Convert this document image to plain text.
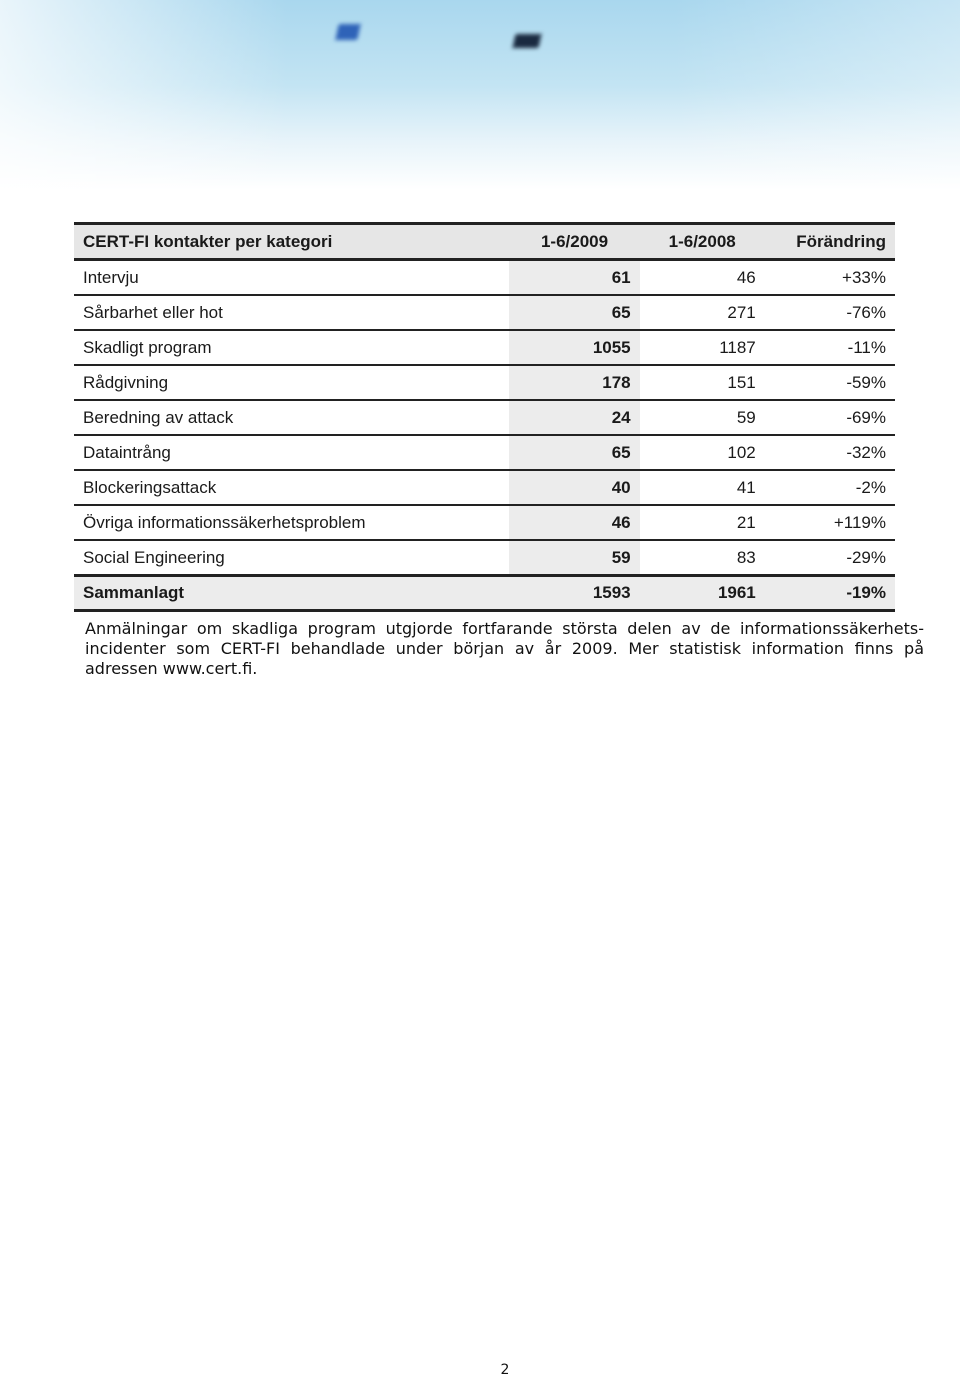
CERT-FI kontakter per kategori	1-6/2009	1-6/2008	Förändring
Intervju	61	46	+33%
Sårbarhet eller hot	65	271	-76%
Skadligt program	1055	1187	-11%
Rådgivning	178	151	-59%
Beredning av attack	24	59	-69%
Dataintrång	65	102	-32%
Blockeringsattack	40	41	-2%
Övriga informationssäkerhetsproblem	46	21	+119%
Social Engineering	59	83	-29%
Sammanlagt	1593	1961	-19%

Anmälningar om skadliga program utgjorde fortfarande största delen av de informationssäkerhets-incidenter som CERT-FI behandlade under början av år 2009. Mer statistisk information finns på adressen www.cert.fi.

2
